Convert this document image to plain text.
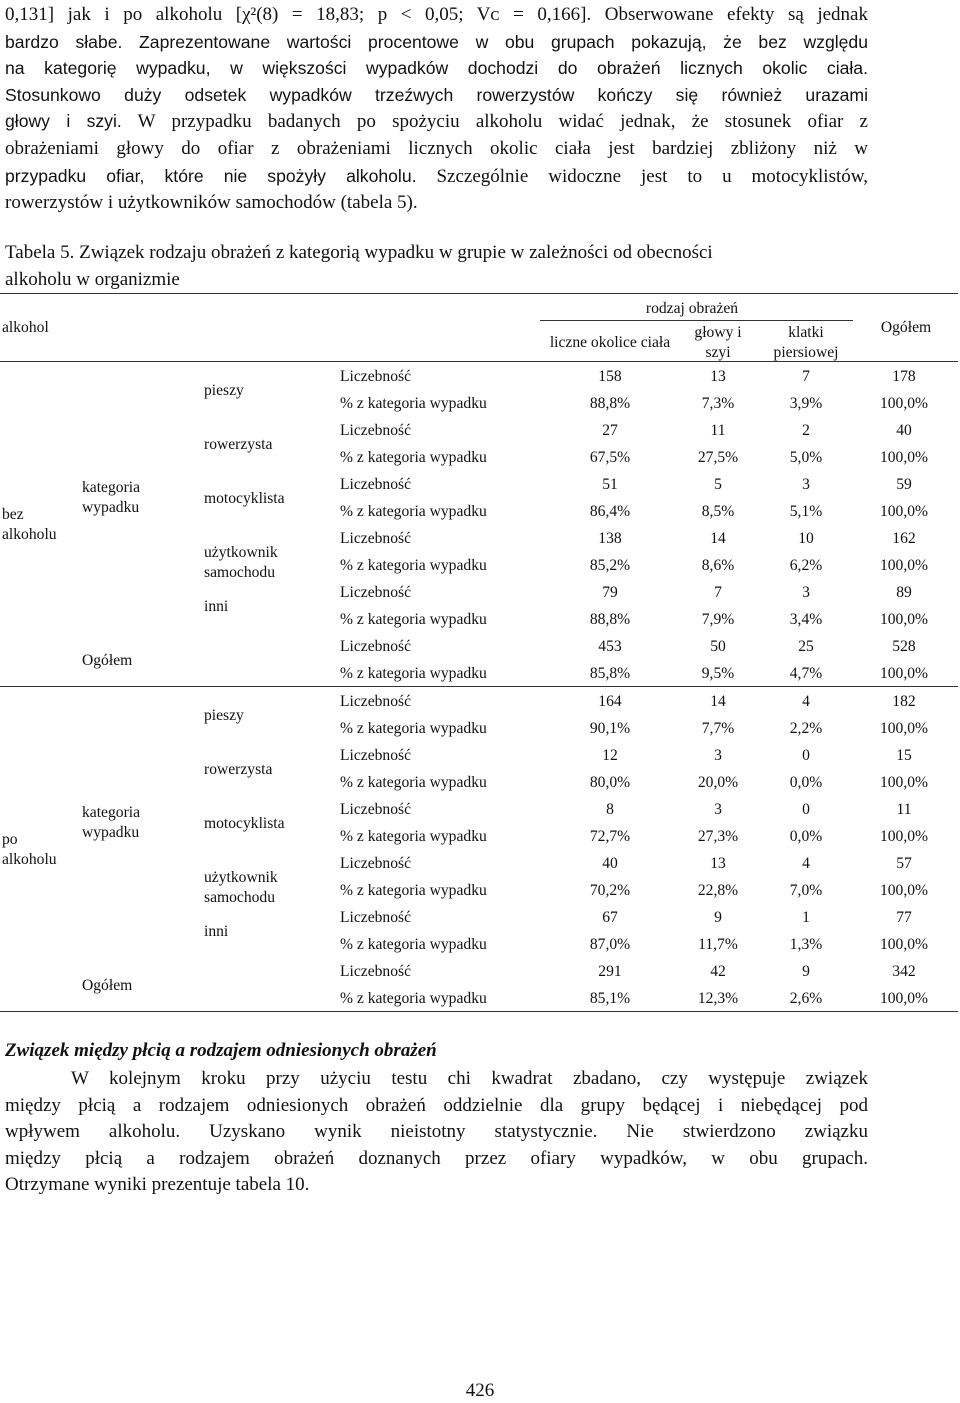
0,131] jak i po alkoholu [χ²(8) = 18,83; p < 0,05; Vᴄ = 0,166]. Obserwowane efekty są jednak
bardzo słabe. Zaprezentowane wartości procentowe w obu grupach pokazują, że bez względu
na kategorię wypadku, w większości wypadków dochodzi do obrażeń licznych okolic ciała.
Stosunkowo duży odsetek wypadków trzeźwych rowerzystów kończy się również urazami
głowy i szyi. W przypadku badanych po spożyciu alkoholu widać jednak, że stosunek ofiar z
obrażeniami głowy do ofiar z obrażeniami licznych okolic ciała jest bardziej zbliżony niż w
przypadku ofiar, które nie spożyły alkoholu. Szczególnie widoczne jest to u motocyklistów,
rowerzystów i użytkowników samochodów (tabela 5).

Tabela 5. Związek rodzaju obrażeń z kategorią wypadku w grupie w zależności od obecności
alkoholu w organizmie

alkohol
rodzaj obrażeń
liczne okolice ciała
głowy i
szyi
klatki
piersiowej
Ogółem
bez
alkoholu
kategoria
wypadku
Ogółem
pieszy
Liczebność
% z kategoria wypadku
158
88,8%
13
7,3%
7
3,9%
178
100,0%
rowerzysta
Liczebność
% z kategoria wypadku
27
67,5%
11
27,5%
2
5,0%
40
100,0%
motocyklista
Liczebność
% z kategoria wypadku
51
86,4%
5
8,5%
3
5,1%
59
100,0%
użytkownik
samochodu
Liczebność
% z kategoria wypadku
138
85,2%
14
8,6%
10
6,2%
162
100,0%
inni
Liczebność
% z kategoria wypadku
79
88,8%
7
7,9%
3
3,4%
89
100,0%
Liczebność
% z kategoria wypadku
453
85,8%
50
9,5%
25
4,7%
528
100,0%
po
alkoholu
kategoria
wypadku
Ogółem
pieszy
Liczebność
% z kategoria wypadku
164
90,1%
14
7,7%
4
2,2%
182
100,0%
rowerzysta
Liczebność
% z kategoria wypadku
12
80,0%
3
20,0%
0
0,0%
15
100,0%
motocyklista
Liczebność
% z kategoria wypadku
8
72,7%
3
27,3%
0
0,0%
11
100,0%
użytkownik
samochodu
Liczebność
% z kategoria wypadku
40
70,2%
13
22,8%
4
7,0%
57
100,0%
inni
Liczebność
% z kategoria wypadku
67
87,0%
9
11,7%
1
1,3%
77
100,0%
Liczebność
% z kategoria wypadku
291
85,1%
42
12,3%
9
2,6%
342
100,0%

Związek między płcią a rodzajem odniesionych obrażeń

W kolejnym kroku przy użyciu testu chi kwadrat zbadano, czy występuje związek
między płcią a rodzajem odniesionych obrażeń oddzielnie dla grupy będącej i niebędącej pod
wpływem alkoholu. Uzyskano wynik nieistotny statystycznie. Nie stwierdzono związku
między płcią a rodzajem obrażeń doznanych przez ofiary wypadków, w obu grupach.
Otrzymane wyniki prezentuje tabela 10.
426
